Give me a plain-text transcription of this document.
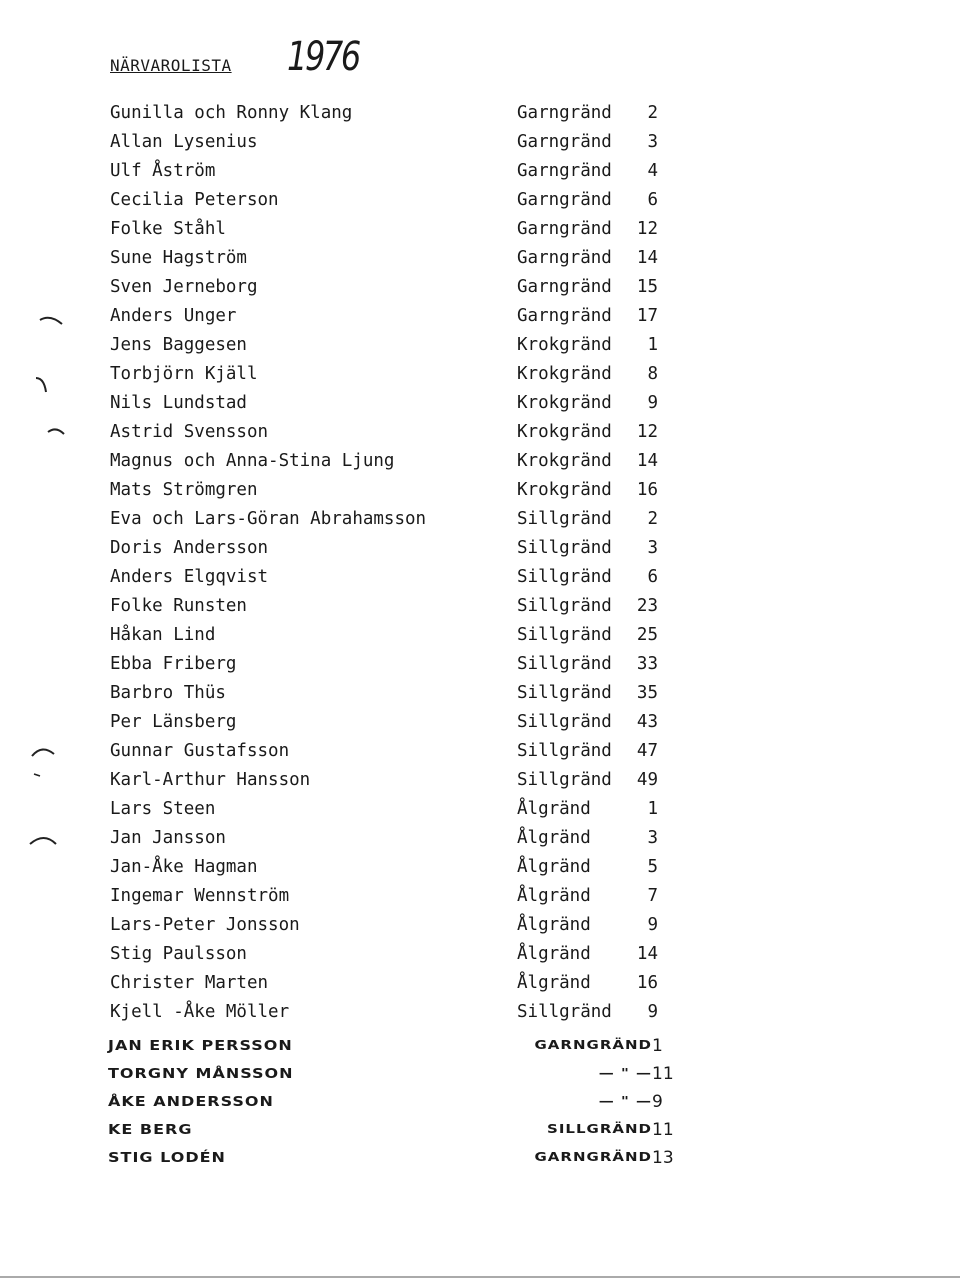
NÄRVAROLISTA 1976
Gunilla och Ronny Klang	Garngränd 2
Allan Lysenius	Garngränd 3
Ulf Åström	Garngränd 4
Cecilia Peterson	Garngränd 6
Folke Ståhl	Garngränd 12
Sune Hagström	Garngränd 14
Sven Jerneborg	Garngränd 15
Anders Unger	Garngränd 17
Jens Baggesen	Krokgränd 1
Torbjörn Kjäll	Krokgränd 8
Nils Lundstad	Krokgränd 9
Astrid Svensson	Krokgränd 12
Magnus och Anna-Stina Ljung	Krokgränd 14
Mats Strömgren	Krokgränd 16
Eva och Lars-Göran Abrahamsson	Sillgränd 2
Doris Andersson	Sillgränd 3
Anders Elgqvist	Sillgränd 6
Folke Runsten	Sillgränd 23
Håkan Lind	Sillgränd 25
Ebba Friberg	Sillgränd 33
Barbro Thüs	Sillgränd 35
Per Länsberg	Sillgränd 43
Gunnar Gustafsson	Sillgränd 47
Karl-Arthur Hansson	Sillgränd 49
Lars Steen	Ålgränd	1
Jan Jansson	Ålgränd	3
Jan-Åke Hagman	Ålgränd	5
Ingemar Wennström	Ålgränd	7
Lars-Peter Jonsson	Ålgränd	9
Stig Paulsson	Ålgränd	14
Christer Marten	Ålgränd	16
Kjell -Åke Möller	Sillgränd 9
JAN ERIK PERSSON	GARNGRÄND 1
TORGNY MÅNSSON	— " — 11
ÅKE ANDERSSON	— " — 9
KE BERG	SILLGRÄND 11
STIG LODÉN	GARNGRÄND 13
